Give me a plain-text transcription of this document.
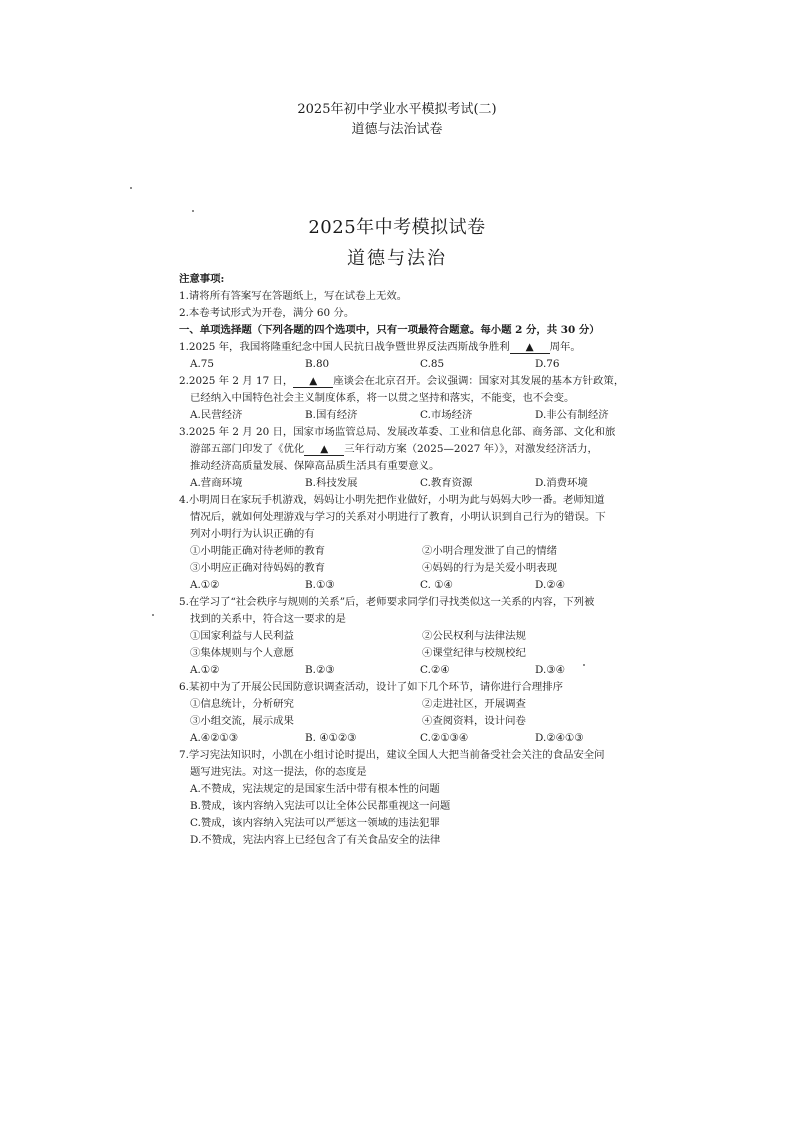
2025年初中学业水平模拟考试(二)
道德与法治试卷
2025年中考模拟试卷
道德与法治
注意事项:
1.请将所有答案写在答题纸上，写在试卷上无效。
2.本卷考试形式为开卷，满分 60 分。
一、单项选择题（下列各题的四个选项中，只有一项最符合题意。每小题 2 分，共 30 分）
1.2025 年，我国将隆重纪念中国人民抗日战争暨世界反法西斯战争胜利 ▲ 周年。
A.75	B.80	C.85	D.76
2.2025 年 2 月 17 日， ▲ 座谈会在北京召开。会议强调：国家对其发展的基本方针政策，
已经纳入中国特色社会主义制度体系，将一以贯之坚持和落实，不能变，也不会变。
A.民营经济	B.国有经济	C.市场经济	D.非公有制经济
3.2025 年 2 月 20 日，国家市场监管总局、发展改革委、工业和信息化部、商务部、文化和旅
游部五部门印发了《优化 ▲ 三年行动方案（2025—2027 年）》，对激发经济活力，
推动经济高质量发展、保障高品质生活具有重要意义。
A.营商环境	B.科技发展	C.教育资源	D.消费环境
4.小明周日在家玩手机游戏，妈妈让小明先把作业做好，小明为此与妈妈大吵一番。老师知道
情况后，就如何处理游戏与学习的关系对小明进行了教育，小明认识到自己行为的错误。下
列对小明行为认识正确的有
①小明能正确对待老师的教育	②小明合理发泄了自己的情绪
③小明应正确对待妈妈的教育	④妈妈的行为是关爱小明表现
A.①②	B.①③	C. ①④	D.②④
5.在学习了“社会秩序与规则的关系”后，老师要求同学们寻找类似这一关系的内容，下列被
找到的关系中，符合这一要求的是
①国家利益与人民利益	②公民权利与法律法规
③集体规则与个人意愿	④课堂纪律与校规校纪
A.①②	B.②③	C.②④	D.③④
6.某初中为了开展公民国防意识调查活动，设计了如下几个环节，请你进行合理排序
①信息统计，分析研究	②走进社区，开展调查
③小组交流，展示成果	④查阅资料，设计问卷
A.④②①③	B. ④①②③	C.②①③④	D.②④①③
7.学习宪法知识时，小凯在小组讨论时提出，建议全国人大把当前备受社会关注的食品安全问
题写进宪法。对这一提法，你的态度是
A.不赞成，宪法规定的是国家生活中带有根本性的问题
B.赞成，该内容纳入宪法可以让全体公民都重视这一问题
C.赞成，该内容纳入宪法可以严惩这一领域的违法犯罪
D.不赞成，宪法内容上已经包含了有关食品安全的法律
